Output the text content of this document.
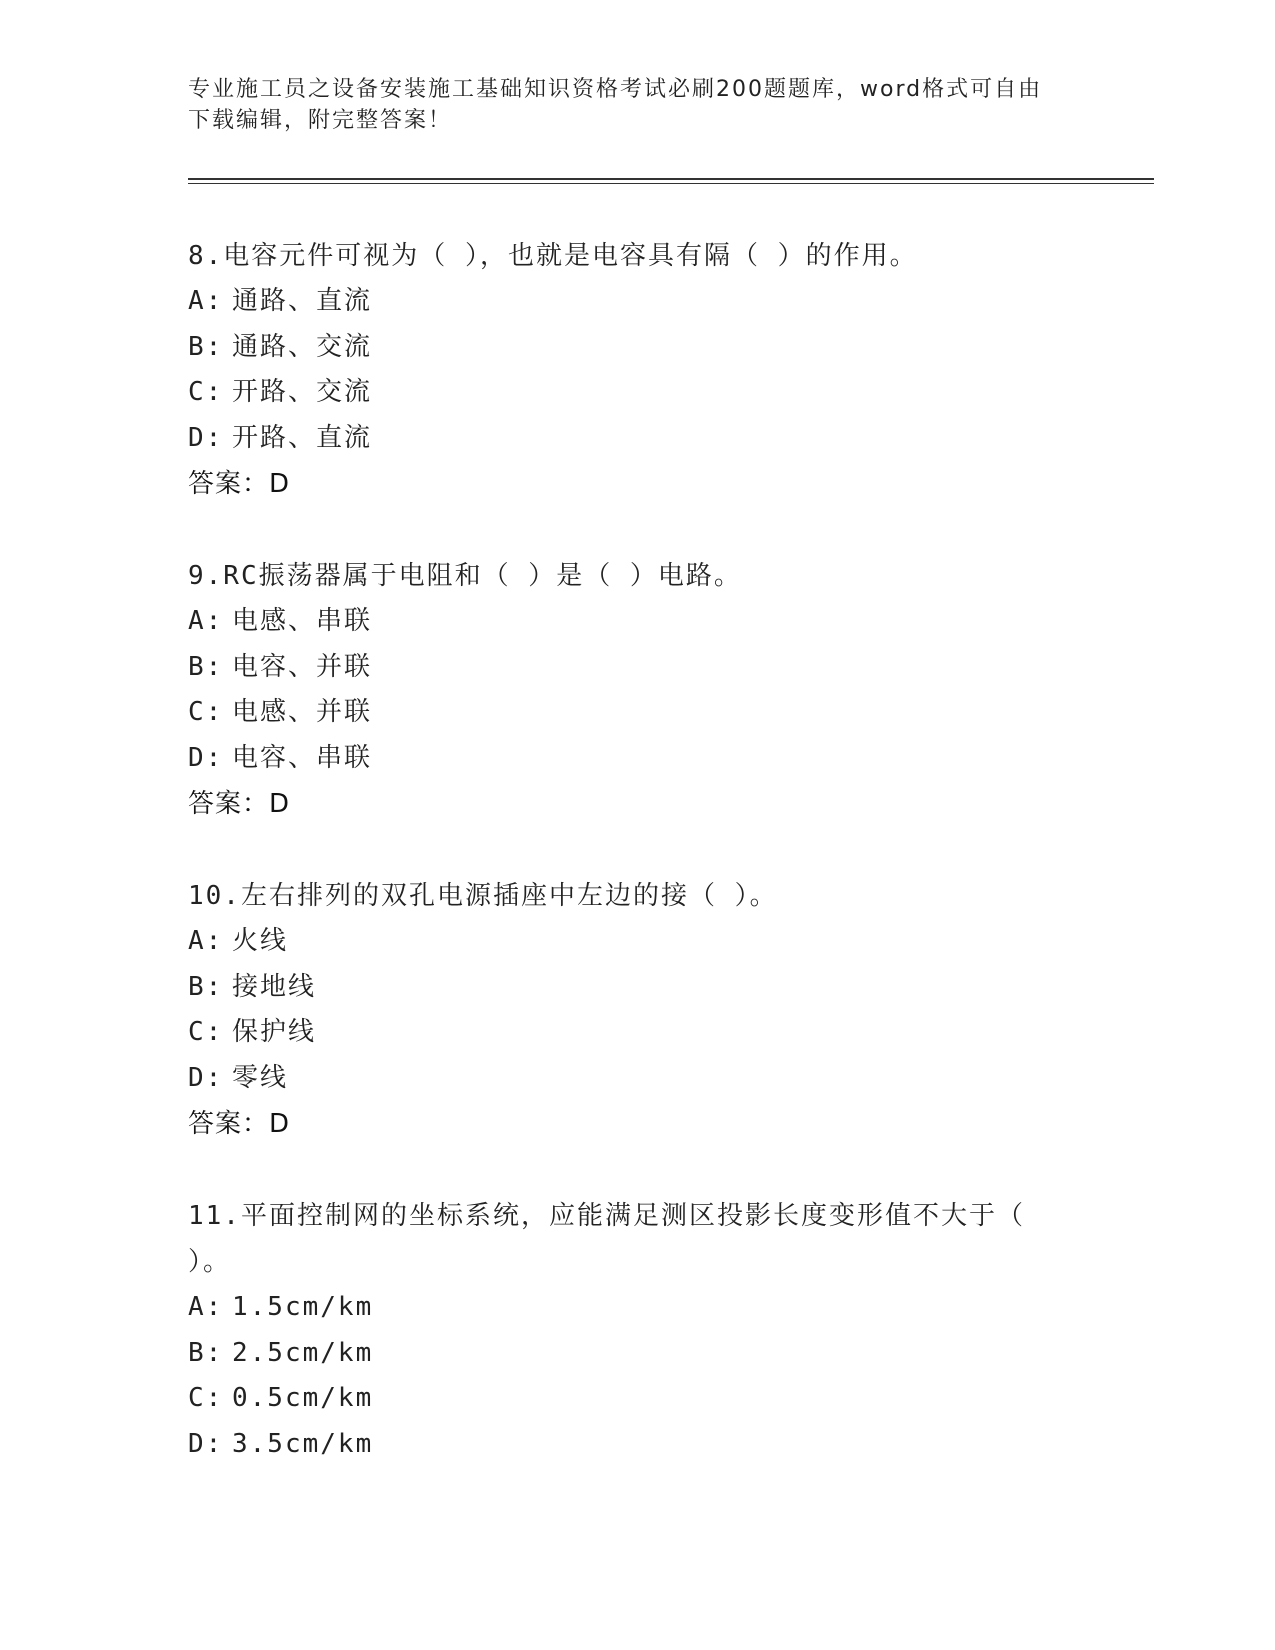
专业施工员之设备安装施工基础知识资格考试必刷200题题库，word格式可自由
下载编辑，附完整答案！
8.电容元件可视为（ ），也就是电容具有隔（ ）的作用。
A: 通路、直流
B: 通路、交流
C: 开路、交流
D: 开路、直流
答案：D
9.RC振荡器属于电阻和（ ）是（ ）电路。
A: 电感、串联
B: 电容、并联
C: 电感、并联
D: 电容、串联
答案：D
10.左右排列的双孔电源插座中左边的接（ ）。
A: 火线
B: 接地线
C: 保护线
D: 零线
答案：D
11.平面控制网的坐标系统，应能满足测区投影长度变形值不大于（
）。
A: 1.5cm/km
B: 2.5cm/km
C: 0.5cm/km
D: 3.5cm/km
